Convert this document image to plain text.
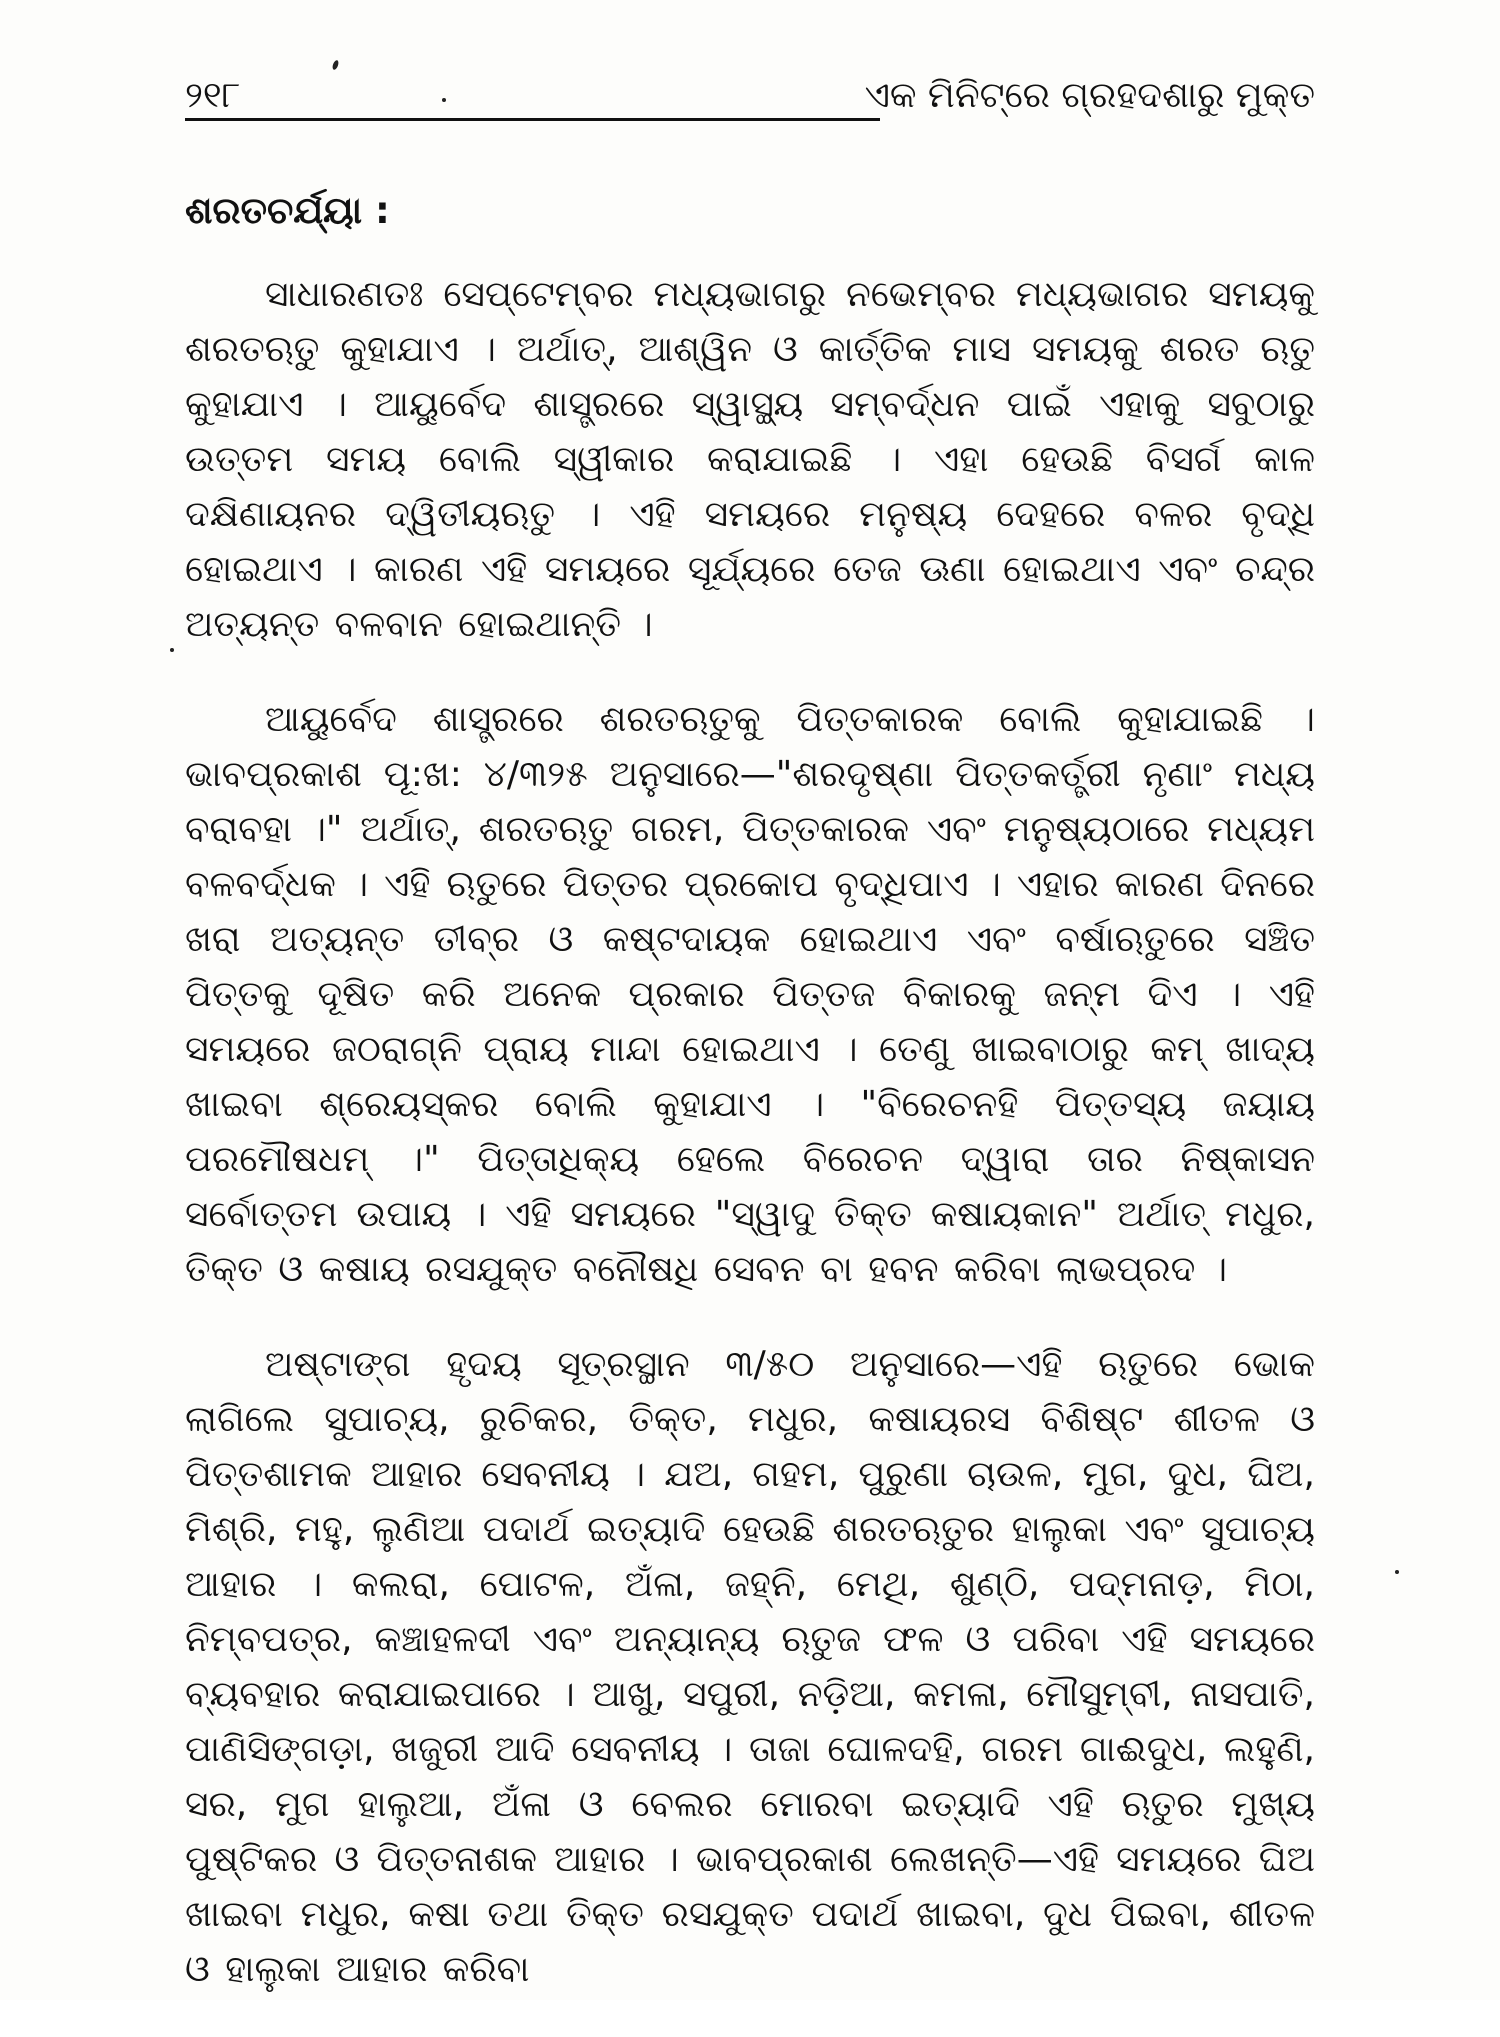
୨୧୮	ଏକ ମିନିଟ୍‌ରେ ଗ୍ରହଦଶାରୁ ମୁକ୍ତ
ଶରତଚର୍ଯ୍ୟା :

ସାଧାରଣତଃ ସେପ୍ଟେମ୍ବର ମଧ୍ୟଭାଗରୁ ନଭେମ୍ବର ମଧ୍ୟଭାଗର ସମୟକୁ ଶରତଋତୁ କୁହାଯାଏ । ଅର୍ଥାତ୍, ଆଶ୍ୱିନ ଓ କାର୍ତ୍ତିକ ମାସ ସମୟକୁ ଶରତ ଋତୁ କୁହାଯାଏ । ଆୟୁର୍ବେଦ ଶାସ୍ତ୍ରରେ ସ୍ୱାସ୍ଥ୍ୟ ସମ୍ବର୍ଦ୍ଧନ ପାଇଁ ଏହାକୁ ସବୁଠାରୁ ଉତ୍ତମ ସମୟ ବୋଲି ସ୍ୱୀକାର କରାଯାଇଛି । ଏହା ହେଉଛି ବିସର୍ଗ କାଳ ଦକ୍ଷିଣାୟନର ଦ୍ୱିତୀୟଋତୁ । ଏହି ସମୟରେ ମନୁଷ୍ୟ ଦେହରେ ବଳର ବୃଦ୍ଧି ହୋଇଥାଏ । କାରଣ ଏହି ସମୟରେ ସୂର୍ଯ୍ୟରେ ତେଜ ଊଣା ହୋଇଥାଏ ଏବଂ ଚନ୍ଦ୍ର ଅତ୍ୟନ୍ତ ବଳବାନ ହୋଇଥାନ୍ତି ।

ଆୟୁର୍ବେଦ ଶାସ୍ତ୍ରରେ ଶରତଋତୁକୁ ପିତ୍ତକାରକ ବୋଲି କୁହାଯାଇଛି । ଭାବପ୍ରକାଶ ପୂ:ଖ: ୪/୩୨୫ ଅନୁସାରେ—"ଶରଦୃଷ୍ଣା ପିତ୍ତକର୍ତ୍ତ୍ରୀ ନୃଣାଂ ମଧ୍ୟ ବରାବହା ।" ଅର୍ଥାତ୍, ଶରତଋତୁ ଗରମ, ପିତ୍ତକାରକ ଏବଂ ମନୁଷ୍ୟଠାରେ ମଧ୍ୟମ ବଳବର୍ଦ୍ଧକ । ଏହି ଋତୁରେ ପିତ୍ତର ପ୍ରକୋପ ବୃଦ୍ଧିପାଏ । ଏହାର କାରଣ ଦିନରେ ଖରା ଅତ୍ୟନ୍ତ ତୀବ୍ର ଓ କଷ୍ଟଦାୟକ ହୋଇଥାଏ ଏବଂ ବର୍ଷାଋତୁରେ ସଞ୍ଚିତ ପିତ୍ତକୁ ଦୂଷିତ କରି ଅନେକ ପ୍ରକାର ପିତ୍ତଜ ବିକାରକୁ ଜନ୍ମ ଦିଏ । ଏହି ସମୟରେ ଜଠରାଗ୍ନି ପ୍ରାୟ ମାନ୍ଦା ହୋଇଥାଏ । ତେଣୁ ଖାଇବାଠାରୁ କମ୍ ଖାଦ୍ୟ ଖାଇବା ଶ୍ରେୟସ୍କର ବୋଲି କୁହାଯାଏ । "ବିରେଚନହି ପିତ୍ତସ୍ୟ ଜୟାୟ ପରମୌଷଧମ୍ ।" ପିତ୍ତାଧିକ୍ୟ ହେଲେ ବିରେଚନ ଦ୍ୱାରା ତାର ନିଷ୍କାସନ ସର୍ବୋତ୍ତମ ଉପାୟ । ଏହି ସମୟରେ "ସ୍ୱାଦୁ ତିକ୍ତ କଷାୟକାନ" ଅର୍ଥାତ୍ ମଧୁର, ତିକ୍ତ ଓ କଷାୟ ରସଯୁକ୍ତ ବନୌଷଧି ସେବନ ବା ହବନ କରିବା ଲାଭପ୍ରଦ ।

ଅଷ୍ଟାଙ୍ଗ ହୃଦୟ ସୂତ୍ରସ୍ଥାନ ୩/୫୦ ଅନୁସାରେ—ଏହି ଋତୁରେ ଭୋକ ଲାଗିଲେ ସୁପାଚ୍ୟ, ରୁଚିକର, ତିକ୍ତ, ମଧୁର, କଷାୟରସ ବିଶିଷ୍ଟ ଶୀତଳ ଓ ପିତ୍ତଶାମକ ଆହାର ସେବନୀୟ । ଯଅ, ଗହମ, ପୁରୁଣା ଚାଉଳ, ମୁଗ, ଦୁଧ, ଘିଅ, ମିଶ୍ରି, ମହୁ, ଲୁଣିଆ ପଦାର୍ଥ ଇତ୍ୟାଦି ହେଉଛି ଶରତଋତୁର ହାଲୁକା ଏବଂ ସୁପାଚ୍ୟ ଆହାର । କଲରା, ପୋଟଳ, ଅଁଳା, ଜହ୍ନି, ମେଥି, ଶୁଣ୍ଠି, ପଦ୍ମନାଡ଼, ମିଠା, ନିମ୍ବପତ୍ର, କଞ୍ଚାହଳଦୀ ଏବଂ ଅନ୍ୟାନ୍ୟ ଋତୁଜ ଫଳ ଓ ପରିବା ଏହି ସମୟରେ ବ୍ୟବହାର କରାଯାଇପାରେ । ଆଖୁ, ସପୁରୀ, ନଡ଼ିଆ, କମଳା, ମୌସୁମ୍ବୀ, ନାସପାତି, ପାଣିସିଙ୍ଗଡ଼ା, ଖଜୁରୀ ଆଦି ସେବନୀୟ । ତାଜା ଘୋଳଦହି, ଗରମ ଗାଈଦୁଧ, ଲହୁଣି, ସର, ମୁଗ ହାଲୁଆ, ଅଁଳା ଓ ବେଲର ମୋରବା ଇତ୍ୟାଦି ଏହି ଋତୁର ମୁଖ୍ୟ ପୁଷ୍ଟିକର ଓ ପିତ୍ତନାଶକ ଆହାର । ଭାବପ୍ରକାଶ ଲେଖନ୍ତି—ଏହି ସମୟରେ ଘିଅ ଖାଇବା ମଧୁର, କଷା ତଥା ତିକ୍ତ ରସଯୁକ୍ତ ପଦାର୍ଥ ଖାଇବା, ଦୁଧ ପିଇବା, ଶୀତଳ ଓ ହାଲୁକା ଆହାର କରିବା
